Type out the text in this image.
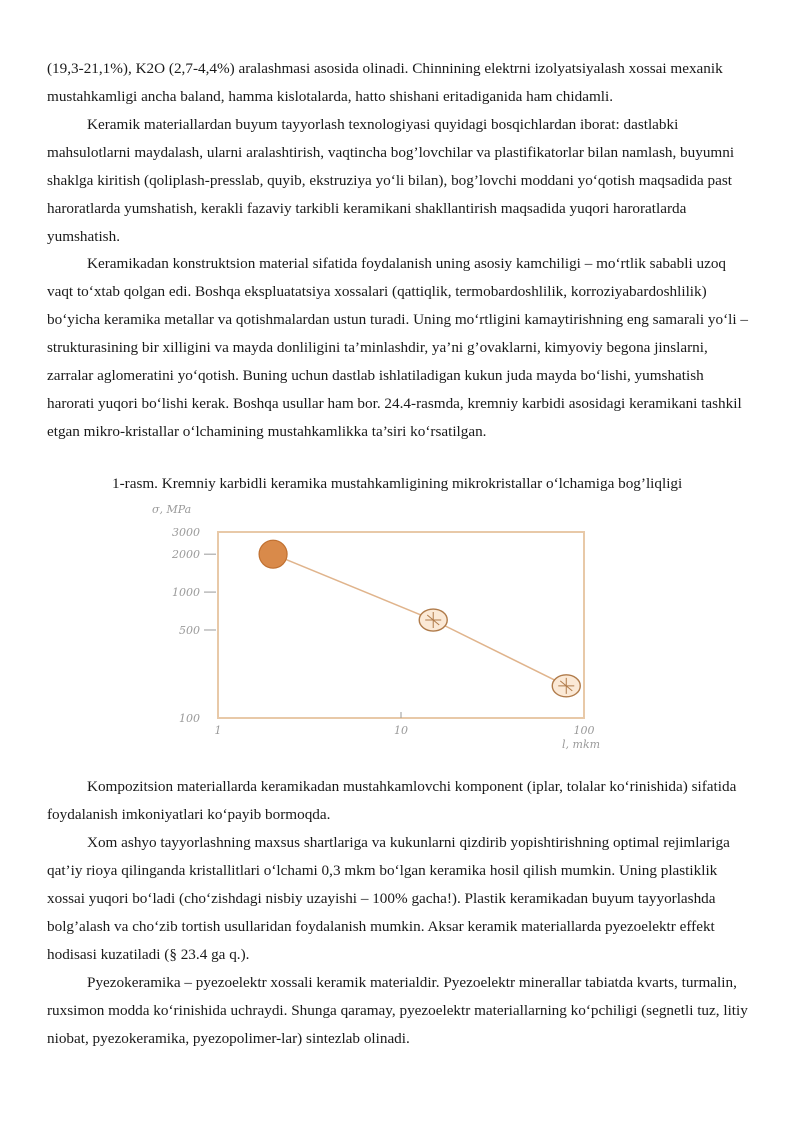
(19,3-21,1%), K2O (2,7-4,4%) aralashmasi asosida olinadi. Chinnining elektrni izolyatsiyalash xossai mexanik mustahkamligi ancha baland, hamma kislotalarda, hatto shishani eritadiganida ham chidamli.

Keramik materiallardan buyum tayyorlash texnologiyasi quyidagi bosqichlardan iborat: dastlabki mahsulotlarni maydalash, ularni aralashtirish, vaqtincha bog’lovchilar va plastifikatorlar bilan namlash, buyumni shaklga kiritish (qoliplash-presslab, quyib, ekstruziya yo‘li bilan), bog’lovchi moddani yo‘qotish maqsadida past haroratlarda yumshatish, kerakli fazaviy tarkibli keramikani shakllantirish maqsadida yuqori haroratlarda yumshatish.

Keramikadan konstruktsion material sifatida foydalanish uning asosiy kamchiligi – mo‘rtlik sababli uzoq vaqt to‘xtab qolgan edi. Boshqa ekspluatatsiya xossalari (qattiqlik, termobardoshlilik, korroziyabardoshlilik) bo‘yicha keramika metallar va qotishmalardan ustun turadi. Uning mo‘rtligini kamaytirishning eng samarali yo‘li – strukturasining bir xilligini va mayda donliligini ta’minlashdir, ya’ni g’ovaklarni, kimyoviy begona jinslarni, zarralar aglomeratini yo‘qotish. Buning uchun dastlab ishlatiladigan kukun juda mayda bo‘lishi, yumshatish harorati yuqori bo‘lishi kerak. Boshqa usullar ham bor. 24.4-rasmda, kremniy karbidi asosidagi keramikani tashkil etgan mikro-kristallar o‘lchamining mustahkamlikka ta’siri ko‘rsatilgan.

1-rasm. Kremniy karbidli keramika mustahkamligining mikrokristallar o‘lchamiga bog’liqligi

σ, MPa
l, mkm
100
500
1000
2000
3000
1	10	100

Kompozitsion materiallarda keramikadan mustahkamlovchi komponent (iplar, tolalar ko‘rinishida) sifatida foydalanish imkoniyatlari ko‘payib bormoqda.

Xom ashyo tayyorlashning maxsus shartlariga va kukunlarni qizdirib yopishtirishning optimal rejimlariga qat’iy rioya qilinganda kristallitlari o‘lchami 0,3 mkm bo‘lgan keramika hosil qilish mumkin. Uning plastiklik xossai yuqori bo‘ladi (cho‘zishdagi nisbiy uzayishi – 100% gacha!). Plastik keramikadan buyum tayyorlashda bolg’alash va cho‘zib tortish usullaridan foydalanish mumkin. Aksar keramik materiallarda pyezoelektr effekt hodisasi kuzatiladi (§ 23.4 ga q.).

Pyezokeramika – pyezoelektr xossali keramik materialdir. Pyezoelektr minerallar tabiatda kvarts, turmalin, ruxsimon modda ko‘rinishida uchraydi. Shunga qaramay, pyezoelektr materiallarning ko‘pchiligi (segnetli tuz, litiy niobat, pyezokeramika, pyezopolimer-lar) sintezlab olinadi.
